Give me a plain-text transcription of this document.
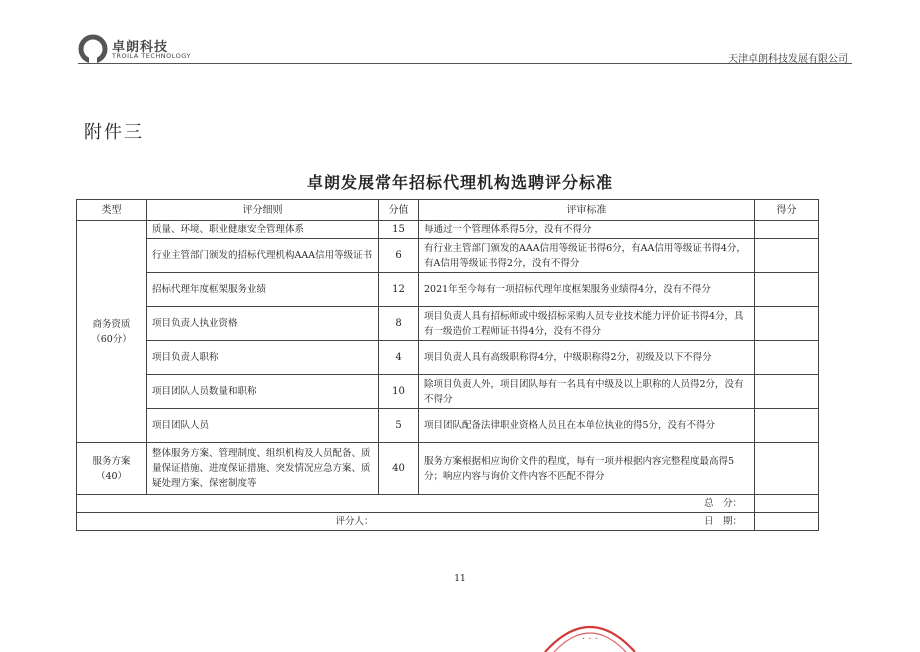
卓朗科技
TROILA TECHNOLOGY	天津卓朗科技发展有限公司
附件三
卓朗发展常年招标代理机构选聘评分标准
类型	评分细则	分值	评审标准	得分
商务资质
（60分）	质量、环境、职业健康安全管理体系	15	每通过一个管理体系得5分，没有不得分	
	行业主管部门颁发的招标代理机构AAA信用等级证书	6	有行业主管部门颁发的AAA信用等级证书得6分，有AA信用等级证书得4分，有A信用等级证书得2分，没有不得分	
	招标代理年度框架服务业绩	12	2021年至今每有一项招标代理年度框架服务业绩得4分，没有不得分	
	项目负责人执业资格	8	项目负责人具有招标师或中级招标采购人员专业技术能力评价证书得4分，具有一级造价工程师证书得4分，没有不得分	
	项目负责人职称	4	项目负责人具有高级职称得4分，中级职称得2分，初级及以下不得分	
	项目团队人员数量和职称	10	除项目负责人外，项目团队每有一名具有中级及以上职称的人员得2分，没有不得分	
	项目团队人员	5	项目团队配备法律职业资格人员且在本单位执业的得5分，没有不得分	
服务方案
（40）	整体服务方案、管理制度、组织机构及人员配备、质量保证措施、进度保证措施、突发情况应急方案、质疑处理方案、保密制度等	40	服务方案根据相应询价文件的程度，每有一项并根据内容完整程度最高得5分；响应内容与询价文件内容不匹配不得分	
总　分：				
评分人：		日　期：		
11
· · ·
